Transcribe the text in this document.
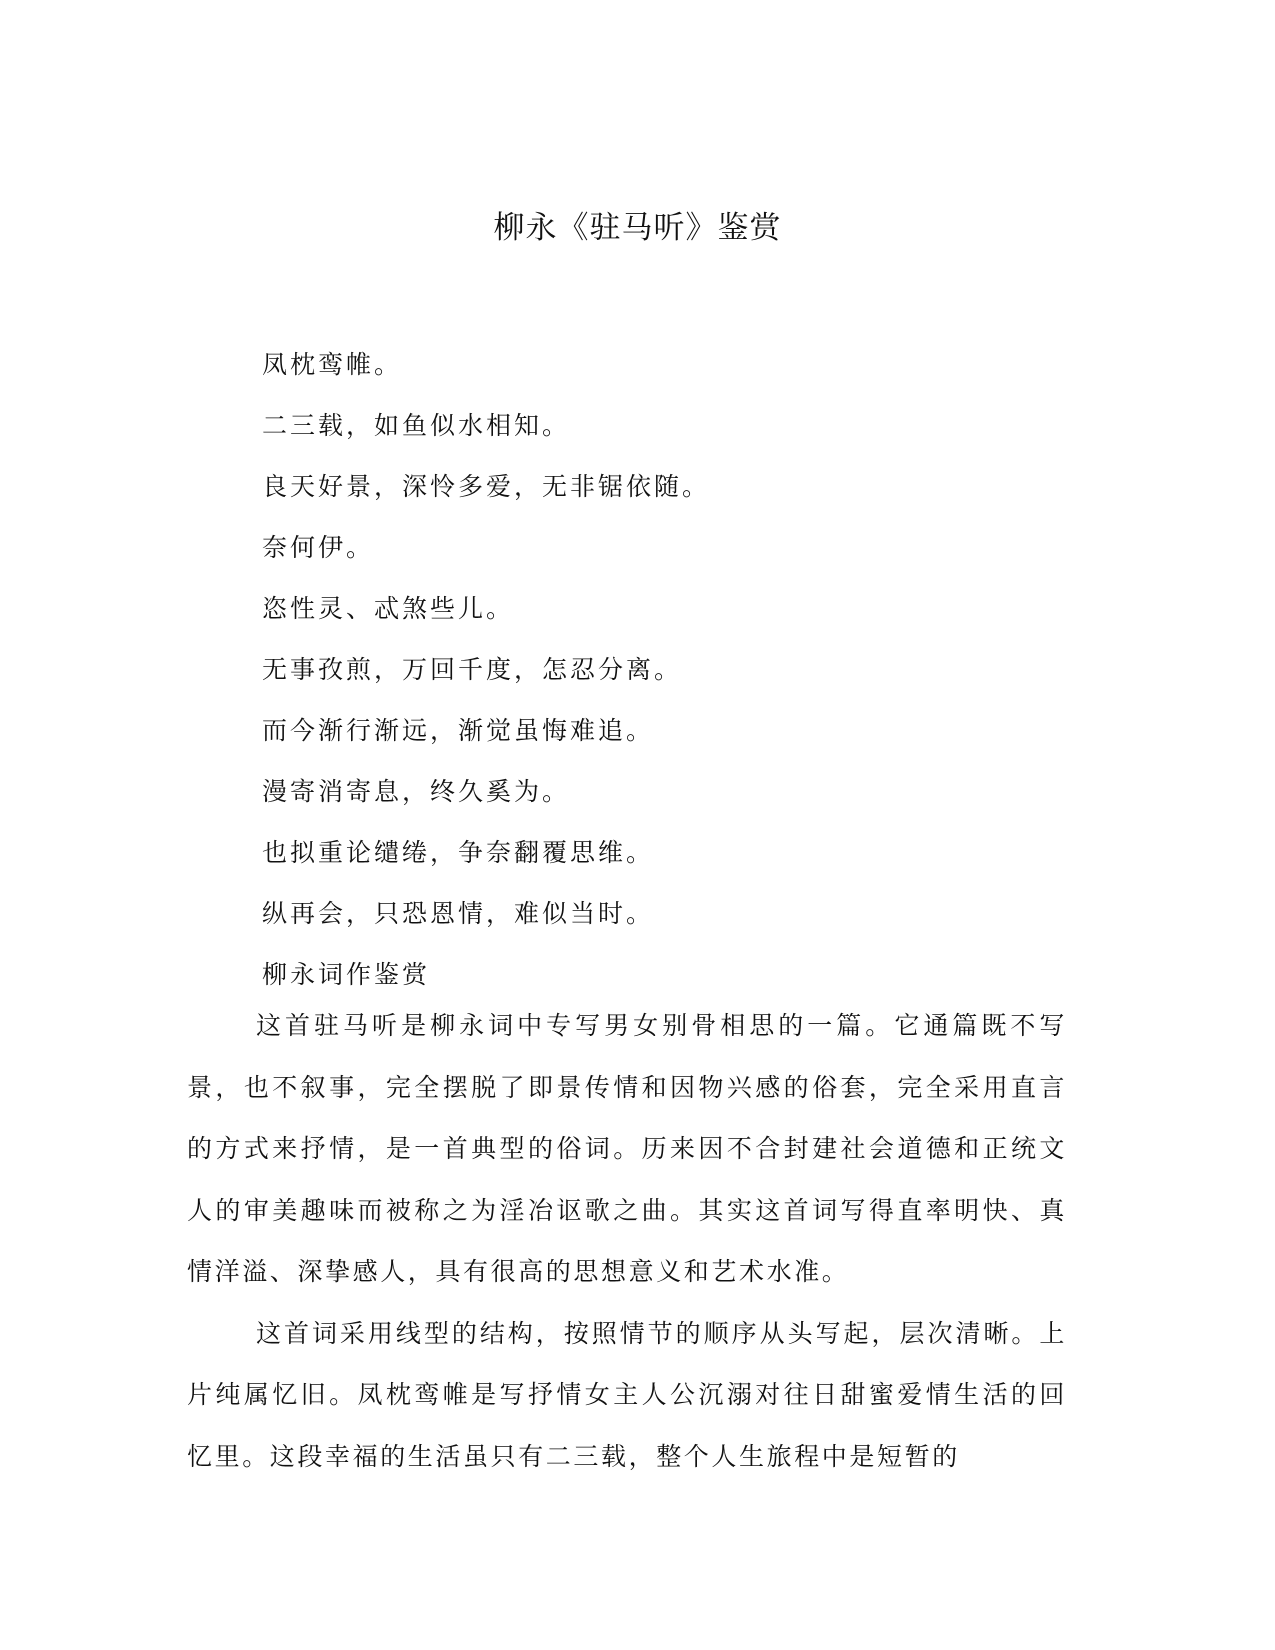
柳永《驻马听》鉴赏
凤枕鸾帷。
二三载，如鱼似水相知。
良天好景，深怜多爱，无非锯依随。
奈何伊。
恣性灵、忒煞些儿。
无事孜煎，万回千度，怎忍分离。
而今渐行渐远，渐觉虽悔难追。
漫寄消寄息，终久奚为。
也拟重论缱绻，争奈翻覆思维。
纵再会，只恐恩情，难似当时。
柳永词作鉴赏

这首驻马听是柳永词中专写男女别骨相思的一篇。它通篇既不写景，也不叙事，完全摆脱了即景传情和因物兴感的俗套，完全采用直言的方式来抒情，是一首典型的俗词。历来因不合封建社会道德和正统文人的审美趣味而被称之为淫冶讴歌之曲。其实这首词写得直率明快、真情洋溢、深挚感人，具有很高的思想意义和艺术水准。

这首词采用线型的结构，按照情节的顺序从头写起，层次清晰。上片纯属忆旧。凤枕鸾帷是写抒情女主人公沉溺对往日甜蜜爱情生活的回忆里。这段幸福的生活虽只有二三载，整个人生旅程中是短暂的
